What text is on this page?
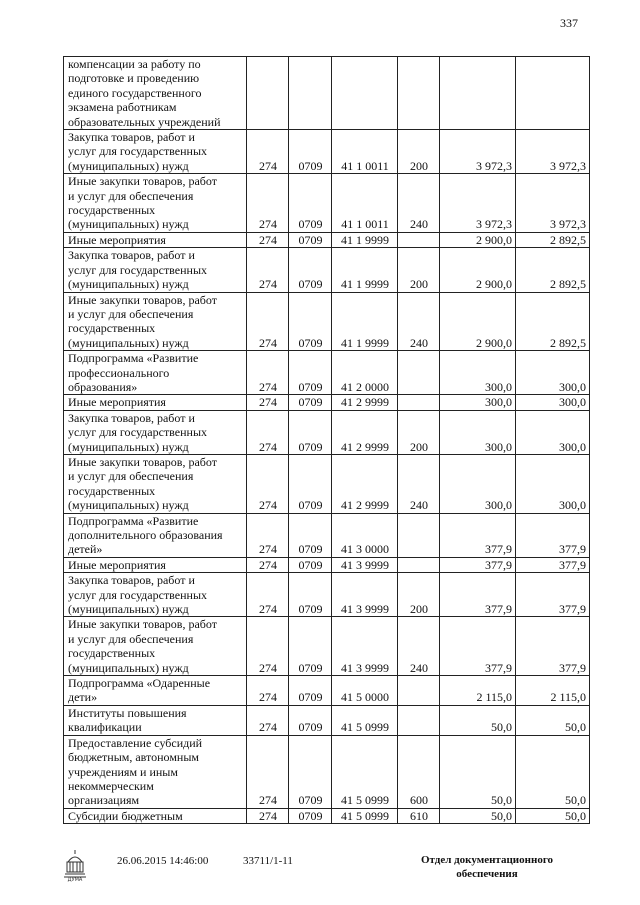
337
компенсации за работу по
подготовке и проведению
единого государственного
экзамена работникам
образовательных учреждений						
Закупка товаров, работ и
услуг для государственных
(муниципальных) нужд	274	0709	41 1 0011	200	3 972,3	3 972,3
Иные закупки товаров, работ
и услуг для обеспечения
государственных
(муниципальных) нужд	274	0709	41 1 0011	240	3 972,3	3 972,3
Иные мероприятия	274	0709	41 1 9999		2 900,0	2 892,5
Закупка товаров, работ и
услуг для государственных
(муниципальных) нужд	274	0709	41 1 9999	200	2 900,0	2 892,5
Иные закупки товаров, работ
и услуг для обеспечения
государственных
(муниципальных) нужд	274	0709	41 1 9999	240	2 900,0	2 892,5
Подпрограмма «Развитие
профессионального
образования»	274	0709	41 2 0000		300,0	300,0
Иные мероприятия	274	0709	41 2 9999		300,0	300,0
Закупка товаров, работ и
услуг для государственных
(муниципальных) нужд	274	0709	41 2 9999	200	300,0	300,0
Иные закупки товаров, работ
и услуг для обеспечения
государственных
(муниципальных) нужд	274	0709	41 2 9999	240	300,0	300,0
Подпрограмма «Развитие
дополнительного образования
детей»	274	0709	41 3 0000		377,9	377,9
Иные мероприятия	274	0709	41 3 9999		377,9	377,9
Закупка товаров, работ и
услуг для государственных
(муниципальных) нужд	274	0709	41 3 9999	200	377,9	377,9
Иные закупки товаров, работ
и услуг для обеспечения
государственных
(муниципальных) нужд	274	0709	41 3 9999	240	377,9	377,9
Подпрограмма «Одаренные
дети»	274	0709	41 5 0000		2 115,0	2 115,0
Институты повышения
квалификации	274	0709	41 5 0999		50,0	50,0
Предоставление субсидий
бюджетным, автономным
учреждениям и иным
некоммерческим
организациям	274	0709	41 5 0999	600	50,0	50,0
Субсидии бюджетным	274	0709	41 5 0999	610	50,0	50,0
ДУМА
26.06.2015 14:46:00	33711/1-11	Отдел документационного
обеспечения
